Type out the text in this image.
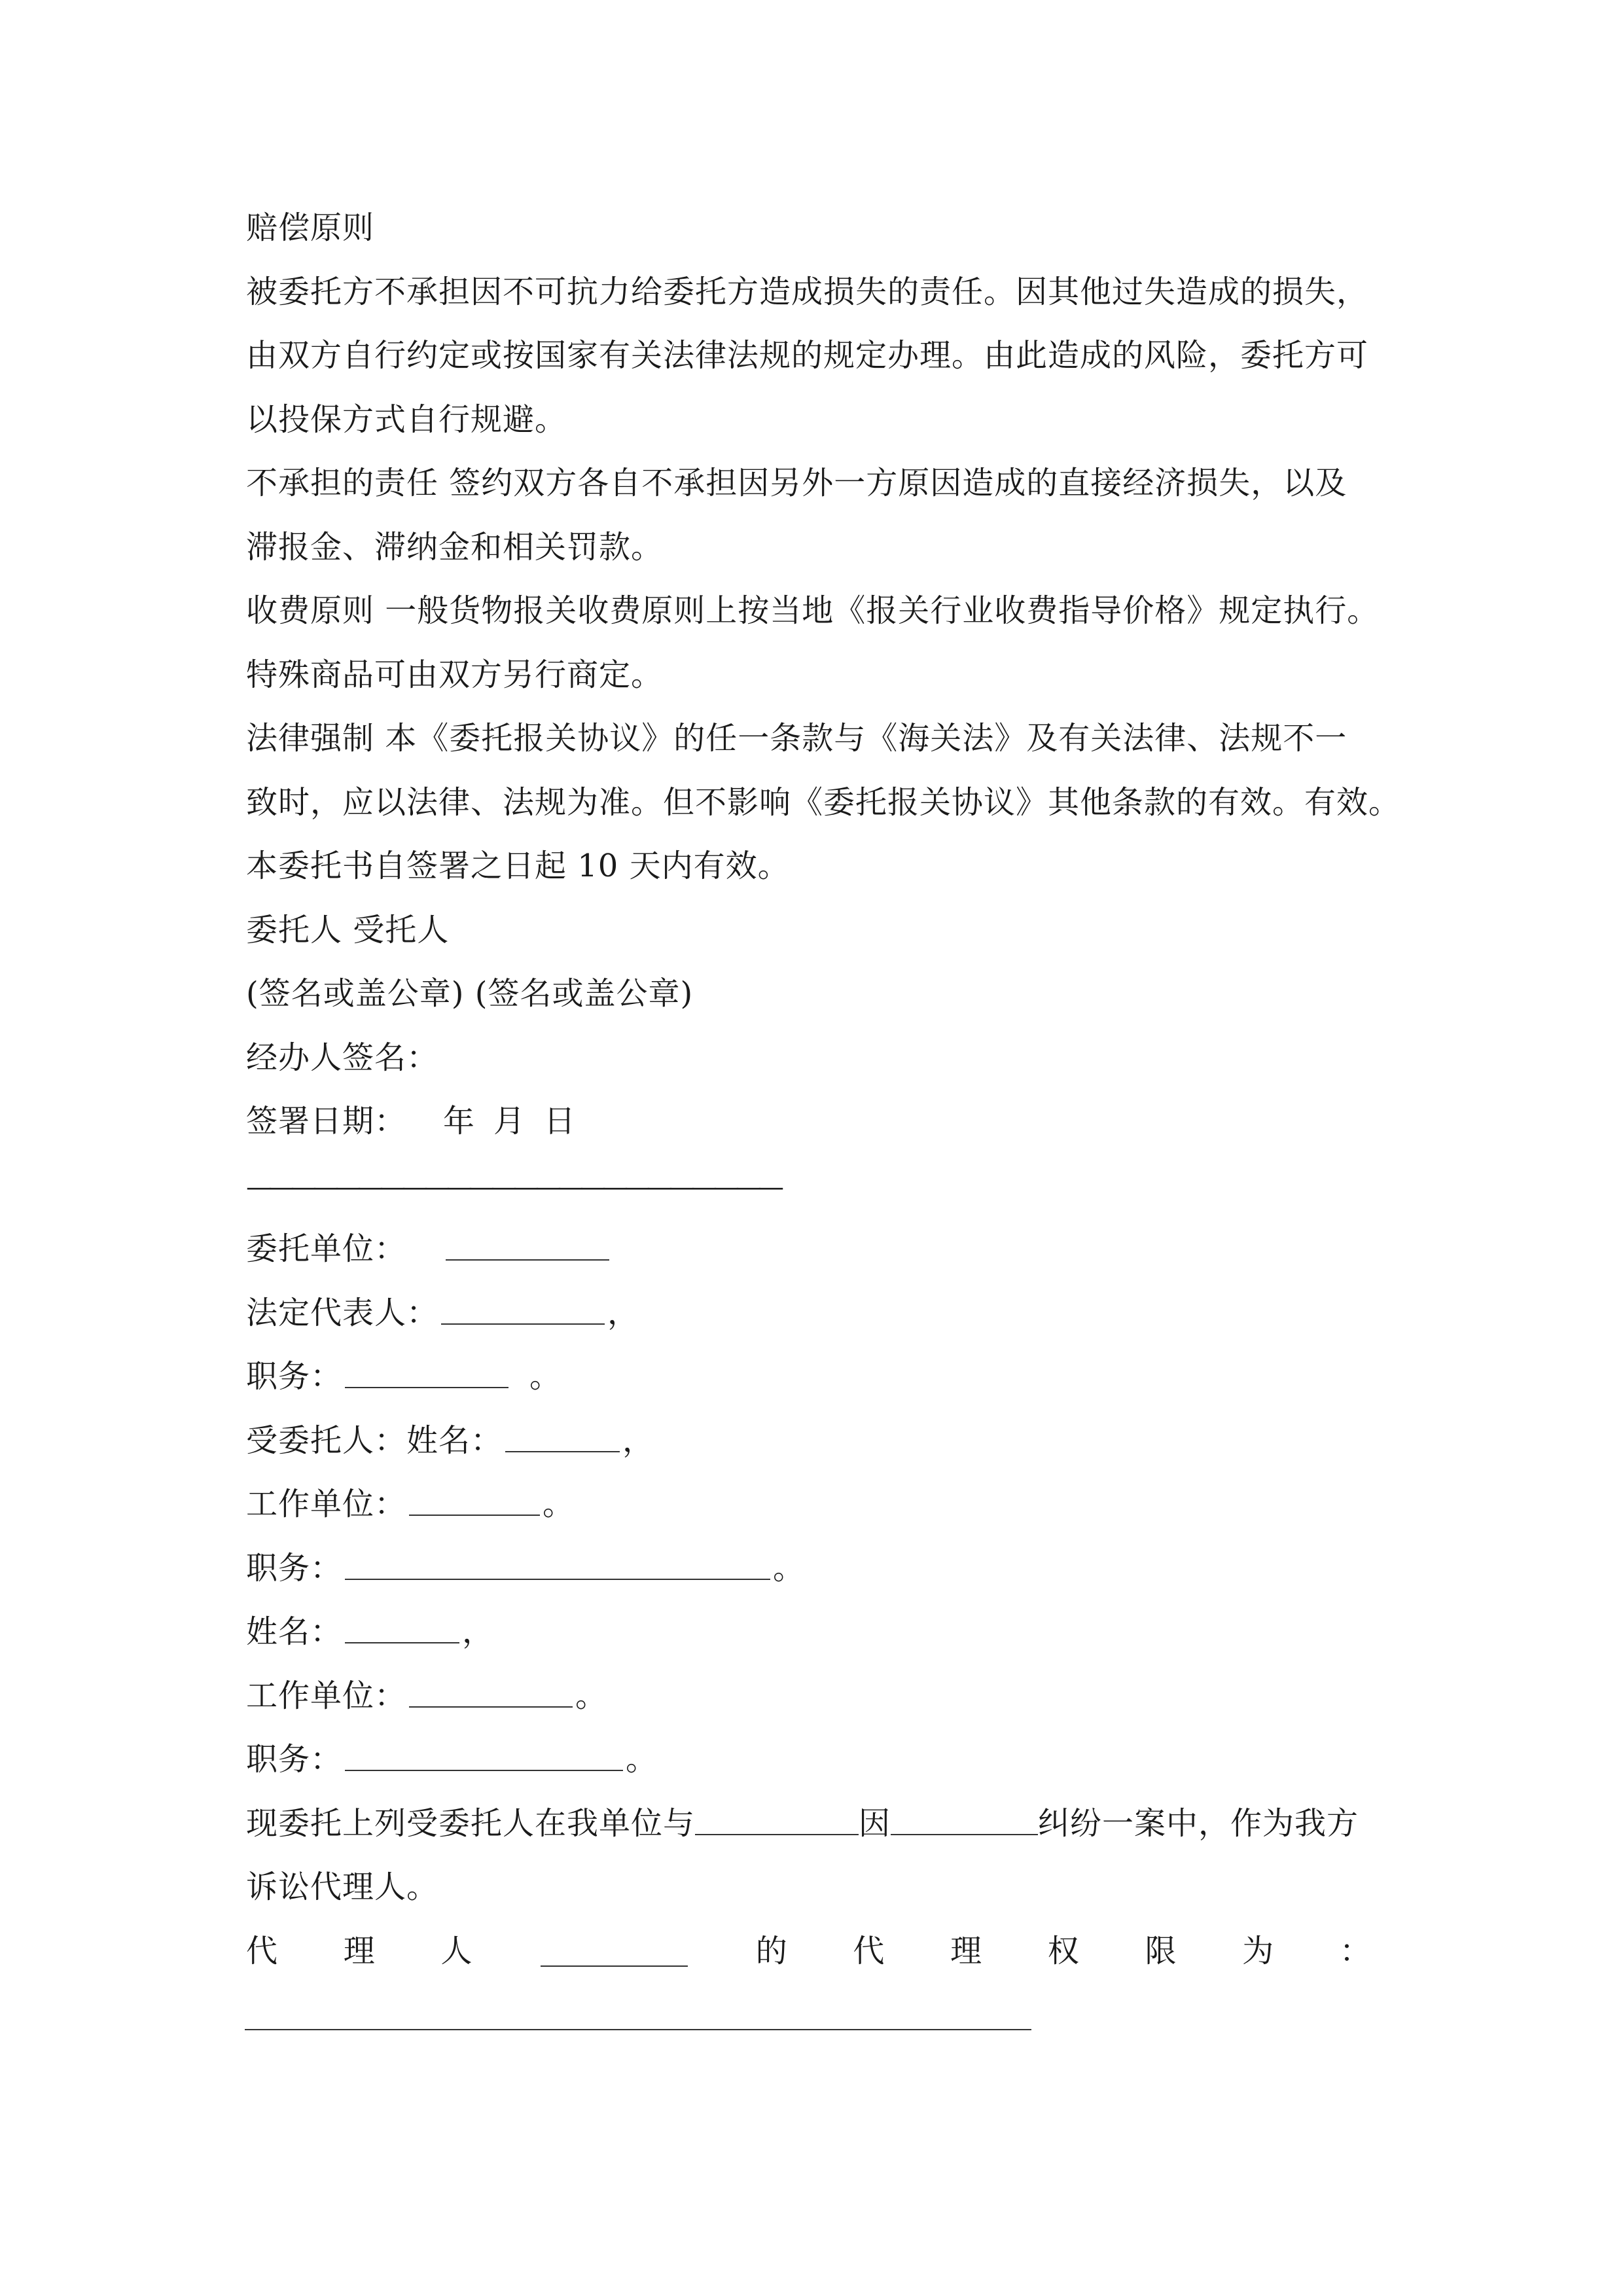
赔偿原则
被委托方不承担因不可抗力给委托方造成损失的责任。因其他过失造成的损失，
由双方自行约定或按国家有关法律法规的规定办理。由此造成的风险，委托方可
以投保方式自行规避。
不承担的责任 签约双方各自不承担因另外一方原因造成的直接经济损失，以及
滞报金、滞纳金和相关罚款。
收费原则 一般货物报关收费原则上按当地《报关行业收费指导价格》规定执行。
特殊商品可由双方另行商定。
法律强制 本《委托报关协议》的任一条款与《海关法》及有关法律、法规不一
致时，应以法律、法规为准。但不影响《委托报关协议》其他条款的有效。有效。
本委托书自签署之日起 10 天内有效。
委托人 受托人
(签名或盖公章) (签名或盖公章)
经办人签名：
签署日期： 年 月 日
————————————————————————
委托单位：
法定代表人：	，
职务：	。
受委托人：姓名：	，
工作单位：	。
职务：	。
姓名：	，
工作单位：	。
职务：	。
现委托上列受委托人在我单位与	因	纠纷一案中，作为我方
诉讼代理人。
代 理 人	的 代 理 权 限 为 ：
